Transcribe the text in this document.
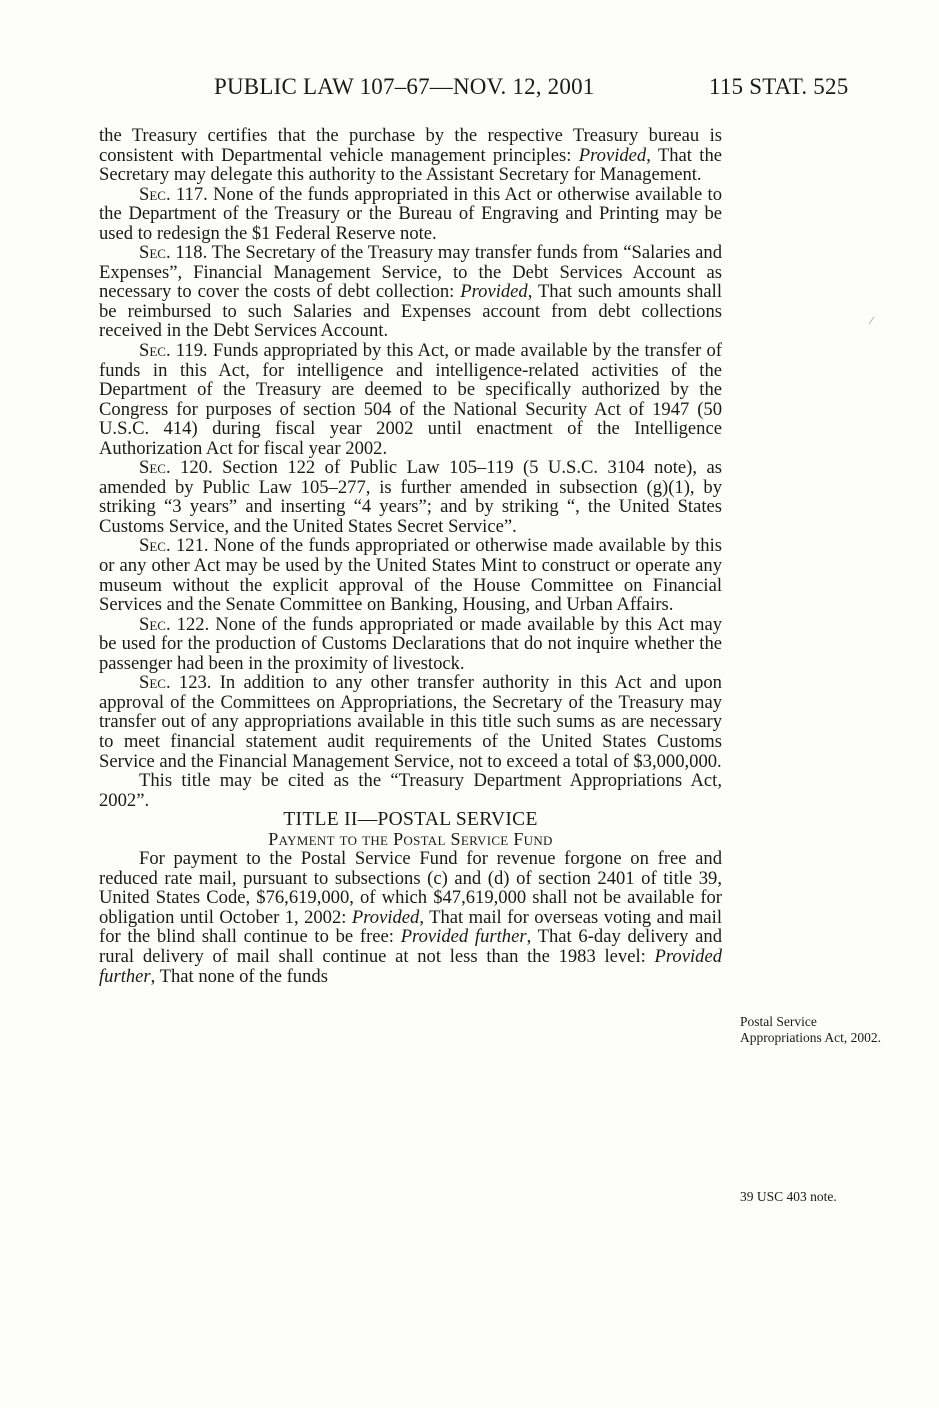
PUBLIC LAW 107–67—NOV. 12, 2001	115 STAT. 525

the Treasury certifies that the purchase by the respective Treasury bureau is consistent with Departmental vehicle management principles: Provided, That the Secretary may delegate this authority to the Assistant Secretary for Management.

Sec. 117. None of the funds appropriated in this Act or otherwise available to the Department of the Treasury or the Bureau of Engraving and Printing may be used to redesign the $1 Federal Reserve note.

Sec. 118. The Secretary of the Treasury may transfer funds from “Salaries and Expenses”, Financial Management Service, to the Debt Services Account as necessary to cover the costs of debt collection: Provided, That such amounts shall be reimbursed to such Salaries and Expenses account from debt collections received in the Debt Services Account.

Sec. 119. Funds appropriated by this Act, or made available by the transfer of funds in this Act, for intelligence and intelligence-related activities of the Department of the Treasury are deemed to be specifically authorized by the Congress for purposes of section 504 of the National Security Act of 1947 (50 U.S.C. 414) during fiscal year 2002 until enactment of the Intelligence Authorization Act for fiscal year 2002.

Sec. 120. Section 122 of Public Law 105–119 (5 U.S.C. 3104 note), as amended by Public Law 105–277, is further amended in subsection (g)(1), by striking “3 years” and inserting “4 years”; and by striking “, the United States Customs Service, and the United States Secret Service”.

Sec. 121. None of the funds appropriated or otherwise made available by this or any other Act may be used by the United States Mint to construct or operate any museum without the explicit approval of the House Committee on Financial Services and the Senate Committee on Banking, Housing, and Urban Affairs.

Sec. 122. None of the funds appropriated or made available by this Act may be used for the production of Customs Declarations that do not inquire whether the passenger had been in the proximity of livestock.

Sec. 123. In addition to any other transfer authority in this Act and upon approval of the Committees on Appropriations, the Secretary of the Treasury may transfer out of any appropriations available in this title such sums as are necessary to meet financial statement audit requirements of the United States Customs Service and the Financial Management Service, not to exceed a total of $3,000,000.

This title may be cited as the “Treasury Department Appropriations Act, 2002”.

TITLE II—POSTAL SERVICE

Payment to the Postal Service Fund

For payment to the Postal Service Fund for revenue forgone on free and reduced rate mail, pursuant to subsections (c) and (d) of section 2401 of title 39, United States Code, $76,619,000, of which $47,619,000 shall not be available for obligation until October 1, 2002: Provided, That mail for overseas voting and mail for the blind shall continue to be free: Provided further, That 6-day delivery and rural delivery of mail shall continue at not less than the 1983 level: Provided further, That none of the funds

Postal Service Appropriations Act, 2002.
39 USC 403 note.
